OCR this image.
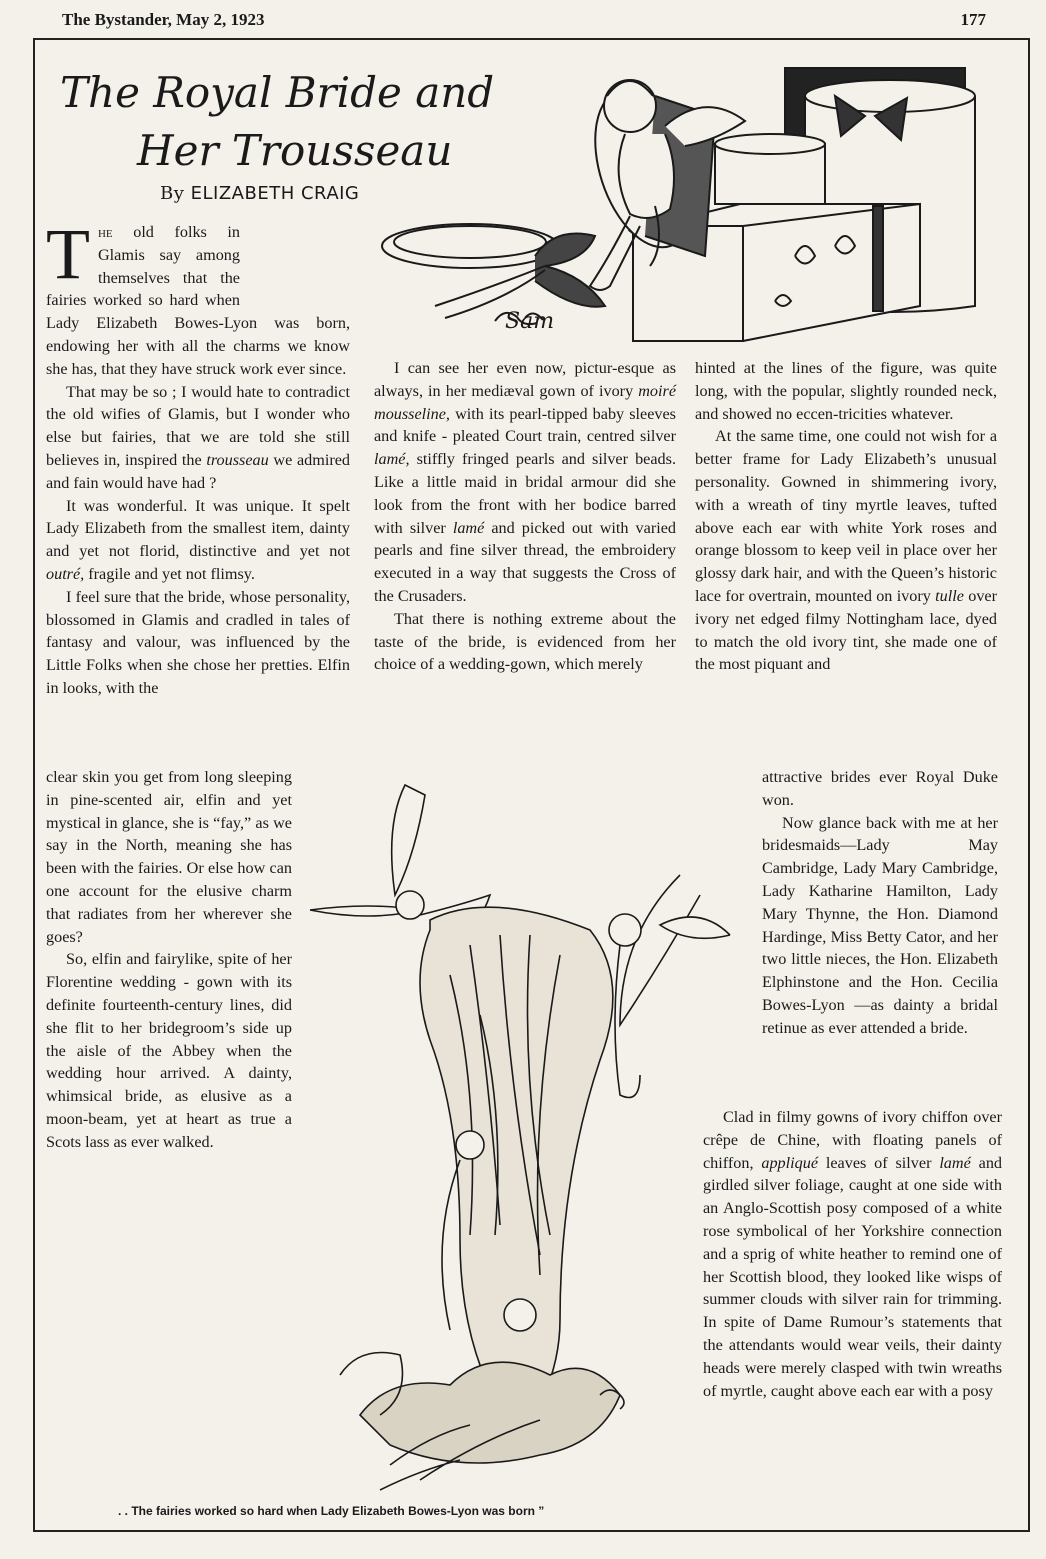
The Bystander, May 2, 1923	177
The Royal Bride and
Her Trousseau
By ELIZABETH CRAIG
Sam

The old folks in Glamis say among themselves that the fairies worked so hard when Lady Elizabeth Bowes-Lyon was born, endowing her with all the charms we know she has, that they have struck work ever since.

That may be so ; I would hate to contradict the old wifies of Glamis, but I wonder who else but fairies, that we are told she still believes in, inspired the trousseau we admired and fain would have had ?

It was wonderful. It was unique. It spelt Lady Elizabeth from the smallest item, dainty and yet not florid, distinctive and yet not outré, fragile and yet not flimsy.

I feel sure that the bride, whose personality, blossomed in Glamis and cradled in tales of fantasy and valour, was influenced by the Little Folks when she chose her pretties. Elfin in looks, with the

clear skin you get from long sleeping in pine-scented air, elfin and yet mystical in glance, she is “fay,” as we say in the North, meaning she has been with the fairies. Or else how can one account for the elusive charm that radiates from her wherever she goes?

So, elfin and fairylike, spite of her Florentine wedding - gown with its definite fourteenth-century lines, did she flit to her bridegroom’s side up the aisle of the Abbey when the wedding hour arrived. A dainty, whimsical bride, as elusive as a moon-beam, yet at heart as true a Scots lass as ever walked.

I can see her even now, pictur-esque as always, in her mediæval gown of ivory moiré mousseline, with its pearl-tipped baby sleeves and knife - pleated Court train, centred silver lamé, stiffly fringed pearls and silver beads. Like a little maid in bridal armour did she look from the front with her bodice barred with silver lamé and picked out with varied pearls and fine silver thread, the embroidery executed in a way that suggests the Cross of the Crusaders.

That there is nothing extreme about the taste of the bride, is evidenced from her choice of a wedding-gown, which merely

hinted at the lines of the figure, was quite long, with the popular, slightly rounded neck, and showed no eccen-tricities whatever.

At the same time, one could not wish for a better frame for Lady Elizabeth’s unusual personality. Gowned in shimmering ivory, with a wreath of tiny myrtle leaves, tufted above each ear with white York roses and orange blossom to keep veil in place over her glossy dark hair, and with the Queen’s historic lace for overtrain, mounted on ivory tulle over ivory net edged filmy Nottingham lace, dyed to match the old ivory tint, she made one of the most piquant and

attractive brides ever Royal Duke won.

Now glance back with me at her bridesmaids—Lady May Cambridge, Lady Mary Cambridge, Lady Katharine Hamilton, Lady Mary Thynne, the Hon. Diamond Hardinge, Miss Betty Cator, and her two little nieces, the Hon. Elizabeth Elphinstone and the Hon. Cecilia Bowes-Lyon —as dainty a bridal retinue as ever attended a bride.

Clad in filmy gowns of ivory chiffon over crêpe de Chine, with floating panels of chiffon, appliqué leaves of silver lamé and girdled silver foliage, caught at one side with an Anglo-Scottish posy composed of a white rose symbolical of her Yorkshire connection and a sprig of white heather to remind one of her Scottish blood, they looked like wisps of summer clouds with silver rain for trimming. In spite of Dame Rumour’s statements that the attendants would wear veils, their dainty heads were merely clasped with twin wreaths of myrtle, caught above each ear with a posy

. . The fairies worked so hard when Lady Elizabeth Bowes-Lyon was born ”
